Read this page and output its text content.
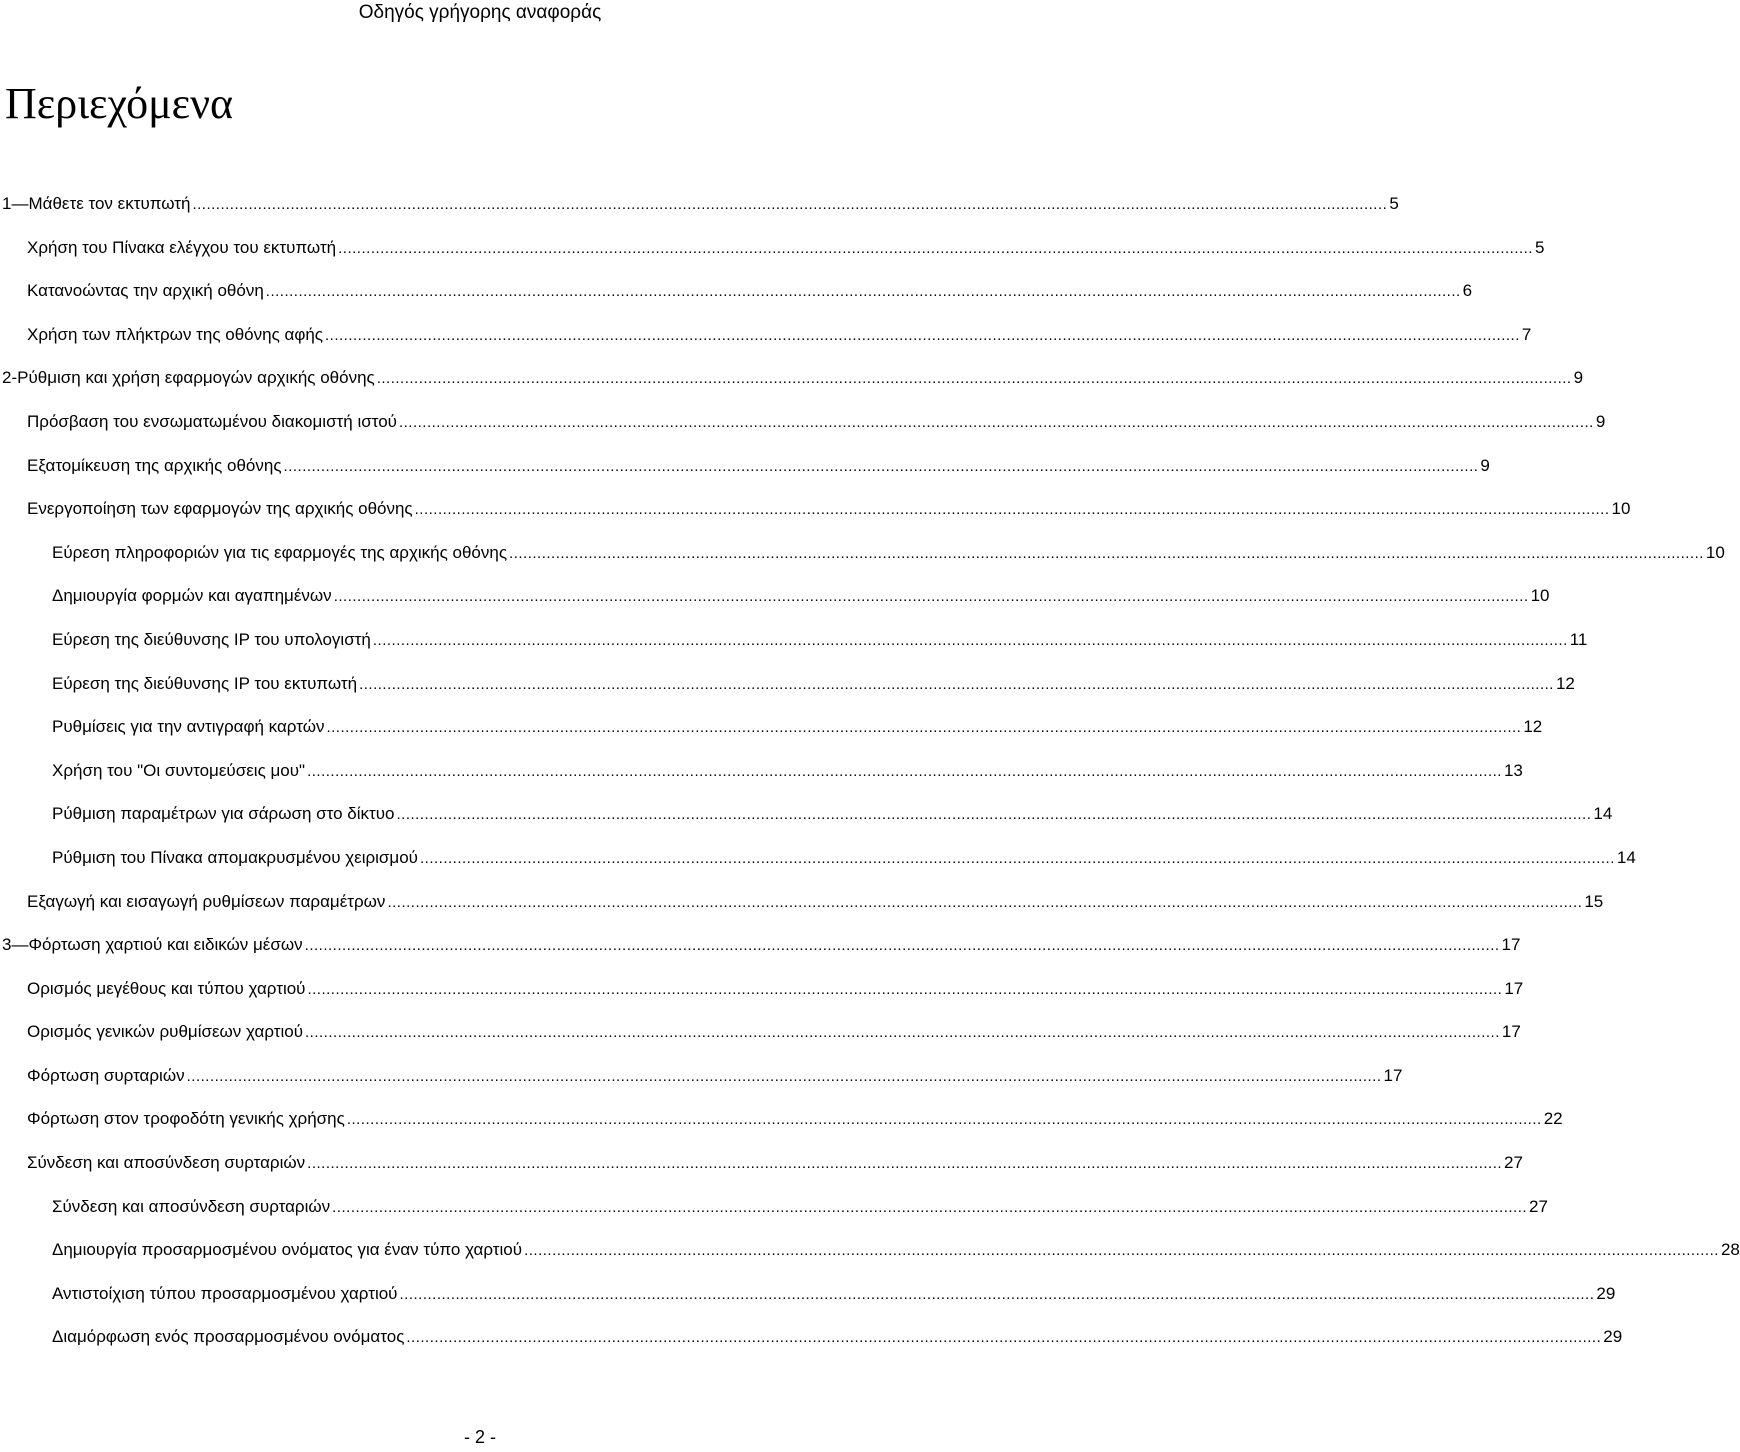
Οδηγός γρήγορης αναφοράς
Περιεχόμενα
1—Μάθετε τον εκτυπωτή .....	5
Χρήση του Πίνακα ελέγχου του εκτυπωτή .....	5
Κατανοώντας την αρχική οθόνη .....	6
Χρήση των πλήκτρων της οθόνης αφής .....	7
2-Ρύθμιση και χρήση εφαρμογών αρχικής οθόνης .....	9
Πρόσβαση του ενσωματωμένου διακομιστή ιστού .....	9
Εξατομίκευση της αρχικής οθόνης .....	9
Ενεργοποίηση των εφαρμογών της αρχικής οθόνης .....	10
Εύρεση πληροφοριών για τις εφαρμογές της αρχικής οθόνης .....	10
Δημιουργία φορμών και αγαπημένων .....	10
Εύρεση της διεύθυνσης IP του υπολογιστή .....	11
Εύρεση της διεύθυνσης IP του εκτυπωτή .....	12
Ρυθμίσεις για την αντιγραφή καρτών .....	12
Χρήση του "Οι συντομεύσεις μου" .....	13
Ρύθμιση παραμέτρων για σάρωση στο δίκτυο .....	14
Ρύθμιση του Πίνακα απομακρυσμένου χειρισμού .....	14
Εξαγωγή και εισαγωγή ρυθμίσεων παραμέτρων .....	15
3—Φόρτωση χαρτιού και ειδικών μέσων .....	17
Ορισμός μεγέθους και τύπου χαρτιού .....	17
Ορισμός γενικών ρυθμίσεων χαρτιού .....	17
Φόρτωση συρταριών .....	17
Φόρτωση στον τροφοδότη γενικής χρήσης .....	22
Σύνδεση και αποσύνδεση συρταριών .....	27
Σύνδεση και αποσύνδεση συρταριών .....	27
Δημιουργία προσαρμοσμένου ονόματος για έναν τύπο χαρτιού .....	28
Αντιστοίχιση τύπου προσαρμοσμένου χαρτιού .....	29
Διαμόρφωση ενός προσαρμοσμένου ονόματος .....	29
- 2 -
